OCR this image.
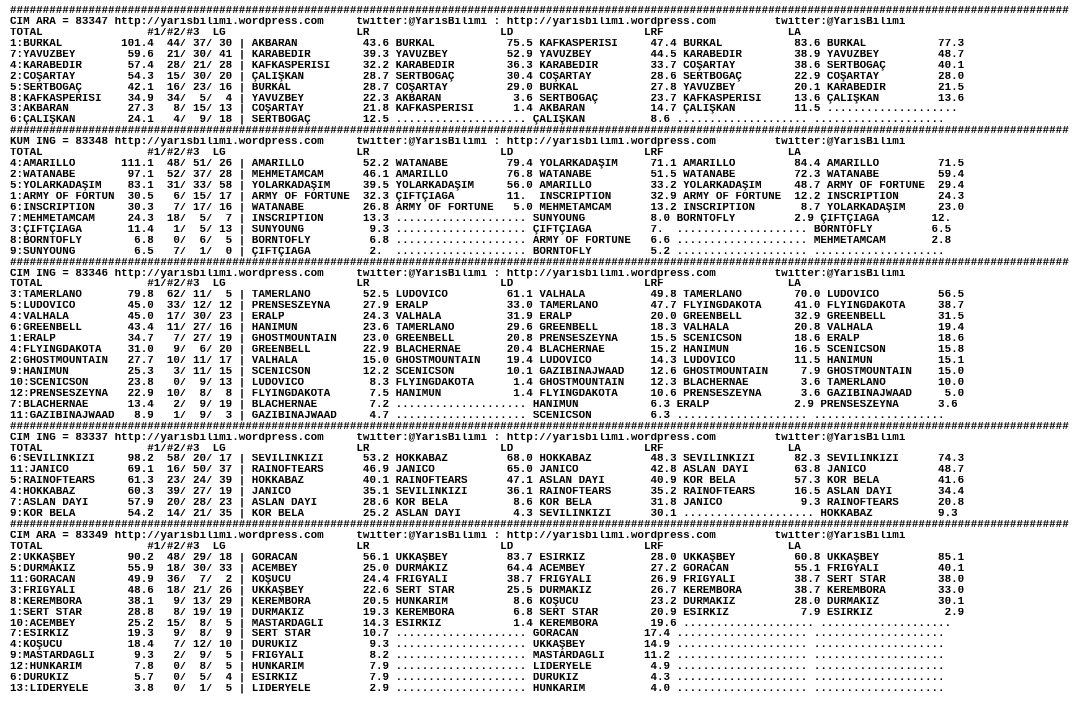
##################################################################################################################################################################
CIM ARA = 83347 http://yarisbilimi.wordpress.com     twitter:@YarisBilimi : http://yarisbilimi.wordpress.com         twitter:@YarisBilimi
TOTAL                #1/#2/#3  LG                    LR                    LD                    LRF                   LA
1:BURKAL         101.4  44/ 37/ 30 | AKBARAN          43.6 BURKAL           75.5 KAFKASPERİSİ     47.4 BURKAL           83.6 BURKAL           77.3
7:YAVUZBEY        59.6  21/ 30/ 41 | KARABEDİR        39.3 YAVUZBEY         52.9 YAVUZBEY         44.5 KARABEDİR        38.9 YAVUZBEY         48.7
4:KARABEDİR       57.4  28/ 21/ 28 | KAFKASPERİSİ     32.2 KARABEDİR        36.3 KARABEDİR        33.7 COŞARTAY         38.6 SERTBOĞAÇ        40.1
2:COŞARTAY        54.3  15/ 30/ 20 | ÇALIŞKAN         28.7 SERTBOĞAÇ        30.4 COŞARTAY         28.6 SERTBOĞAÇ        22.9 COŞARTAY         28.0
5:SERTBOĞAÇ       42.1  16/ 23/ 16 | BURKAL           28.7 COŞARTAY         29.0 BURKAL           27.8 YAVUZBEY         20.1 KARABEDİR        21.5
8:KAFKASPERİSİ    34.9  34/  5/  4 | YAVUZBEY         22.3 AKBARAN           3.6 SERTBOĞAÇ        23.7 KAFKASPERİSİ     13.6 ÇALIŞKAN         13.6
3:AKBARAN         27.3   8/ 15/ 13 | COŞARTAY         21.8 KAFKASPERİSİ      1.4 AKBARAN          14.7 ÇALIŞKAN         11.5 ....................
6:ÇALIŞKAN        24.1   4/  9/ 18 | SERTBOĞAÇ        12.5 .................... ÇALIŞKAN          8.6 .................... ....................
##################################################################################################################################################################
KUM ING = 83348 http://yarisbilimi.wordpress.com     twitter:@YarisBilimi : http://yarisbilimi.wordpress.com         twitter:@YarisBilimi
TOTAL                #1/#2/#3  LG                    LR                    LD                    LRF                   LA
4:AMARILLO       111.1  48/ 51/ 26 | AMARILLO         52.2 WATANABE         79.4 YOLARKADAŞIM     71.1 AMARILLO         84.4 AMARILLO         71.5
2:WATANABE        97.1  52/ 37/ 28 | MEHMETAMCAM      46.1 AMARILLO         76.8 WATANABE         51.5 WATANABE         72.3 WATANABE         59.4
5:YOLARKADAŞIM    83.1  31/ 33/ 58 | YOLARKADAŞIM     39.5 YOLARKADAŞIM     56.0 AMARILLO         33.2 YOLARKADAŞIM     48.7 ARMY OF FORTUNE  29.4
1:ARMY OF FORTUN  30.5   6/ 15/ 17 | ARMY OF FORTUNE  32.3 ÇİFTÇİAĞA        11.  INSCRIPTION      32.9 ARMY OF FORTUNE  12.2 INSCRIPTION      24.3
6:INSCRIPTION     30.3   7/ 17/ 16 | WATANABE         26.8 ARMY OF FORTUNE   5.0 MEHMETAMCAM      13.2 INSCRIPTION       8.7 YOLARKADAŞIM     23.0
7:MEHMETAMCAM     24.3  18/  5/  7 | INSCRIPTION      13.3 .................... SUNYOUNG          8.0 BORNTOFLY         2.9 ÇİFTÇİAĞA        12.
3:ÇİFTÇİAĞA       11.4   1/  5/ 13 | SUNYOUNG          9.3 .................... ÇİFTÇİAĞA         7.  .................... BORNTOFLY         6.5
8:BORNTOFLY        6.8   0/  6/  5 | BORNTOFLY         6.8 .................... ARMY OF FORTUNE   6.6 .................... MEHMETAMCAM       2.8
9:SUNYOUNG         6.5   7/  1/  0 | ÇİFTÇİAĞA         2.  .................... BORNTOFLY         5.2 .................... ....................
##################################################################################################################################################################
CIM ING = 83346 http://yarisbilimi.wordpress.com     twitter:@YarisBilimi : http://yarisbilimi.wordpress.com         twitter:@YarisBilimi
TOTAL                #1/#2/#3  LG                    LR                    LD                    LRF                   LA
3:TAMERLANO       79.8  62/ 11/  5 | TAMERLANO        52.5 LUDOVICO         61.1 VALHALA          49.8 TAMERLANO        70.0 LUDOVICO         56.5
5:LUDOVICO        45.0  33/ 12/ 12 | PRENSESZEYNA     27.9 ERALP            33.0 TAMERLANO        47.7 FLYINGDAKOTA     41.0 FLYINGDAKOTA     38.7
4:VALHALA         45.0  17/ 30/ 23 | ERALP            24.3 VALHALA          31.9 ERALP            20.0 GREENBELL        32.9 GREENBELL        31.5
6:GREENBELL       43.4  11/ 27/ 16 | HANIMUN          23.6 TAMERLANO        29.6 GREENBELL        18.3 VALHALA          20.8 VALHALA          19.4
1:ERALP           34.7   7/ 27/ 19 | GHOSTMOUNTAIN    23.0 GREENBELL        20.8 PRENSESZEYNA     15.5 SCENICSON        18.6 ERALP            18.6
4:FLYINGDAKOTA    31.0   9/  6/ 20 | GREENBELL        22.9 BLACHERNAE       20.4 BLACHERNAE       15.2 HANIMUN          16.5 SCENICSON        15.8
2:GHOSTMOUNTAIN   27.7  10/ 11/ 17 | VALHALA          15.0 GHOSTMOUNTAIN    19.4 LUDOVICO         14.3 LUDOVICO         11.5 HANIMUN          15.1
9:HANIMUN         25.3   3/ 11/ 15 | SCENICSON        12.2 SCENICSON        10.1 GAZIBINAJWAAD    12.6 GHOSTMOUNTAIN     7.9 GHOSTMOUNTAIN    15.0
10:SCENICSON      23.8   0/  9/ 13 | LUDOVICO          8.3 FLYINGDAKOTA      1.4 GHOSTMOUNTAIN    12.3 BLACHERNAE        3.6 TAMERLANO        10.0
12:PRENSESZEYNA   22.9  10/  8/  8 | FLYINGDAKOTA      7.5 HANIMUN           1.4 FLYINGDAKOTA     10.6 PRENSESZEYNA      3.6 GAZIBINAJWAAD     5.0
7:BLACHERNAE      13.4   2/  9/ 19 | BLACHERNAE        7.2 .................... HANIMUN           6.3 ERALP             2.9 PRENSESZEYNA      3.6
11:GAZIBINAJWAAD   8.9   1/  9/  3 | GAZIBINAJWAAD     4.7 .................... SCENICSON         6.3 .................... ....................
##################################################################################################################################################################
CIM ING = 83337 http://yarisbilimi.wordpress.com     twitter:@YarisBilimi : http://yarisbilimi.wordpress.com         twitter:@YarisBilimi
TOTAL                #1/#2/#3  LG                    LR                    LD                    LRF                   LA
6:SEVİLİNKIZI     98.2  58/ 20/ 17 | SEVİLİNKIZI      53.2 HOKKABAZ         68.0 HOKKABAZ         48.3 SEVİLİNKIZI      82.3 SEVİLİNKIZI      74.3
11:JANICO         69.1  16/ 50/ 37 | RAINOFTEARS      46.9 JANICO           65.0 JANICO           42.8 ASLAN DAYI       63.8 JANICO           48.7
5:RAINOFTEARS     61.3  23/ 24/ 39 | HOKKABAZ         40.1 RAINOFTEARS      47.1 ASLAN DAYI       40.9 KÖR BELA         57.3 KÖR BELA         41.6
4:HOKKABAZ        60.3  39/ 27/ 19 | JANICO           35.1 SEVİLİNKIZI      36.1 RAINOFTEARS      35.2 RAINOFTEARS      16.5 ASLAN DAYI       34.4
7:ASLAN DAYI      57.9  20/ 28/ 23 | ASLAN DAYI       28.6 KÖR BELA          8.6 KÖR BELA         31.8 JANICO            9.3 RAINOFTEARS      20.8
9:KÖR BELA        54.2  14/ 21/ 35 | KÖR BELA         25.2 ASLAN DAYI        4.3 SEVİLİNKIZI      30.1 .................... HOKKABAZ          9.3
##################################################################################################################################################################
CIM ARA = 83349 http://yarisbilimi.wordpress.com     twitter:@YarisBilimi : http://yarisbilimi.wordpress.com         twitter:@YarisBilimi
TOTAL                #1/#2/#3  LG                    LR                    LD                    LRF                   LA
2:UKKAŞBEY        90.2  48/ 29/ 18 | GORACAN          56.1 UKKAŞBEY         83.7 ESİRKIZ          28.0 UKKAŞBEY         60.8 UKKAŞBEY         85.1
5:DURMAKIZ        55.9  18/ 30/ 33 | ACEMBEY          25.0 DURMAKIZ         64.4 ACEMBEY          27.2 GORACAN          55.1 FRİGYALI         40.1
11:GORACAN        49.9  36/  7/  2 | KOŞUCU           24.4 FRİGYALI         38.7 FRİGYALI         26.9 FRİGYALI         38.7 SERT STAR        38.0
3:FRİGYALI        48.6  18/ 21/ 26 | UKKAŞBEY         22.6 SERT STAR        25.5 DURMAKIZ         26.7 KEREMBORA        38.7 KEREMBORA        33.0
8:KEREMBORA       38.1   9/ 13/ 29 | KEREMBORA        20.5 HÜNKARIM          8.6 KOŞUCU           23.2 DURMAKIZ         28.0 DURMAKIZ         30.1
1:SERT STAR       28.8   8/ 19/ 19 | DURMAKIZ         19.3 KEREMBORA         6.8 SERT STAR        20.9 ESİRKIZ           7.9 ESİRKIZ           2.9
10:ACEMBEY        25.2  15/  8/  5 | MASTARDAĞLI      14.3 ESİRKIZ           1.4 KEREMBORA        19.6 .................... ....................
7:ESİRKIZ         19.3   9/  8/  9 | SERT STAR        10.7 .................... GORACAN          17.4 .................... ....................
4:KOŞUCU          18.4   7/ 12/ 10 | DURUKIZ           9.3 .................... UKKAŞBEY         14.9 .................... ....................
9:MASTARDAĞLI      9.3   2/  9/  5 | FRİGYALI          8.2 .................... MASTARDAĞLI      11.2 .................... ....................
12:HÜNKARIM        7.8   0/  8/  5 | HÜNKARIM          7.9 .................... LİDERYELE         4.9 .................... ....................
6:DURUKIZ          5.7   0/  5/  4 | ESİRKIZ           7.9 .................... DURUKIZ           4.3 .................... ....................
13:LİDERYELE       3.8   0/  1/  5 | LİDERYELE         2.9 .................... HÜNKARIM          4.0 .................... ....................
